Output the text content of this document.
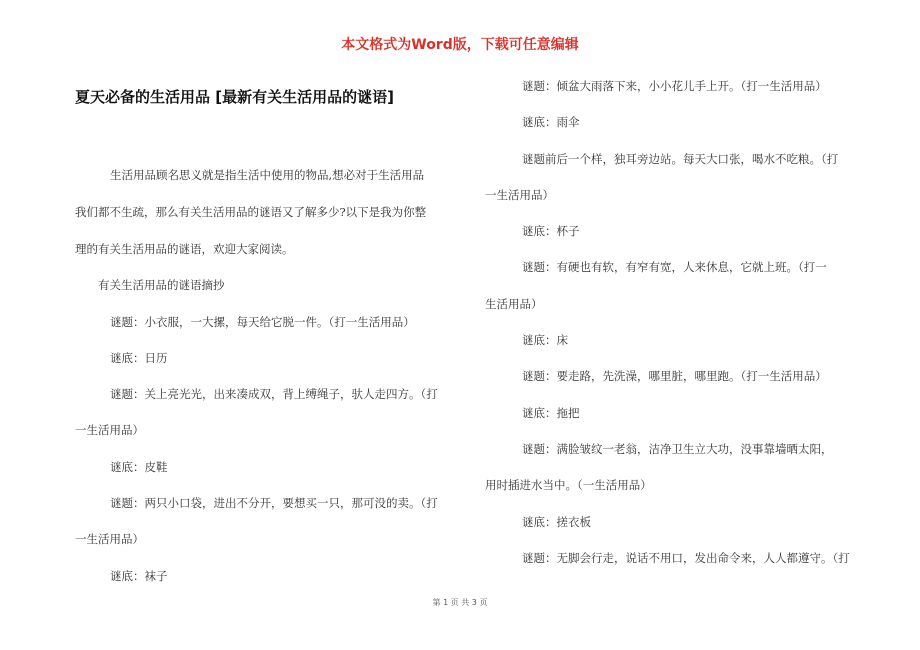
本文格式为Word版，下载可任意编辑
夏天必备的生活用品 [最新有关生活用品的谜语]
生活用品顾名思义就是指生活中使用的物品,想必对于生活用品
我们都不生疏，那么有关生活用品的谜语又了解多少?以下是我为你整
理的有关生活用品的谜语，欢迎大家阅读。
有关生活用品的谜语摘抄
谜题：小衣服，一大摞，每天给它脱一件。（打一生活用品）
谜底：日历
谜题：关上亮光光，出来凑成双，背上缚绳子，驮人走四方。（打
一生活用品）
谜底：皮鞋
谜题：两只小口袋，进出不分开，要想买一只，那可没的卖。（打
一生活用品）
谜底：袜子
谜题：倾盆大雨落下来，小小花儿手上开。（打一生活用品）
谜底：雨伞
谜题前后一个样，独耳旁边站。每天大口张，喝水不吃粮。（打
一生活用品）
谜底：杯子
谜题：有硬也有软，有窄有宽，人来休息，它就上班。（打一
生活用品）
谜底：床
谜题：要走路，先洗澡，哪里脏，哪里跑。（打一生活用品）
谜底：拖把
谜题：满脸皱纹一老翁，洁净卫生立大功，没事靠墙晒太阳，
用时插进水当中。（一生活用品）
谜底：搓衣板
谜题：无脚会行走，说话不用口，发出命令来，人人都遵守。（打
第 1 页 共 3 页
